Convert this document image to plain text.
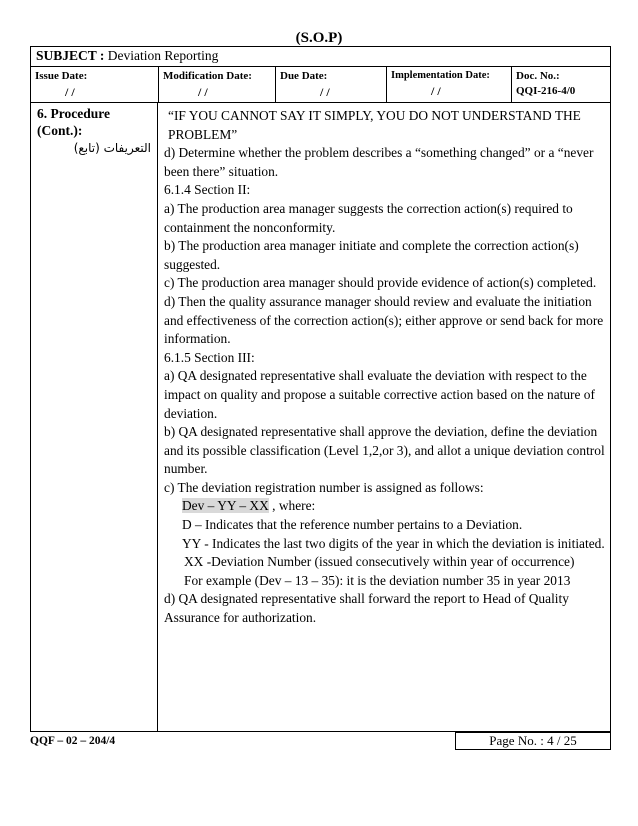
(S.O.P)
SUBJECT : Deviation Reporting
Issue Date:
/ /
Modification Date:
/ /
Due Date:
/ /
Implementation Date:
/ /
Doc. No.:
QQI-216-4/0
6. Procedure
(Cont.):
التعريفات (تابع)

“IF YOU CANNOT SAY IT SIMPLY, YOU DO NOT UNDERSTAND THE PROBLEM”

d) Determine whether the problem describes a “something changed” or a “never been there” situation.

6.1.4 Section II:

a) The production area manager suggests the correction action(s) required to containment the nonconformity.

b) The production area manager initiate and complete the correction action(s) suggested.

c) The production area manager should provide evidence of action(s) completed.

d) Then the quality assurance manager should review and evaluate the initiation and effectiveness of the correction action(s); either approve or send back for more information.

6.1.5 Section III:

a) QA designated representative shall evaluate the deviation with respect to the impact on quality and propose a suitable corrective action based on the nature of deviation.

b) QA designated representative shall approve the deviation, define the deviation and its possible classification (Level 1,2,or 3), and allot a unique deviation control number.

c) The deviation registration number is assigned as follows:

Dev – YY – XX , where:

D – Indicates that the reference number pertains to a Deviation.

YY - Indicates the last two digits of the year in which the deviation is initiated.

XX -Deviation Number (issued consecutively within year of occurrence)

For example (Dev – 13 – 35): it is the deviation number 35 in year 2013

d) QA designated representative shall forward the report to Head of Quality Assurance for authorization.

QQF – 02 – 204/4	Page No. : 4 / 25
